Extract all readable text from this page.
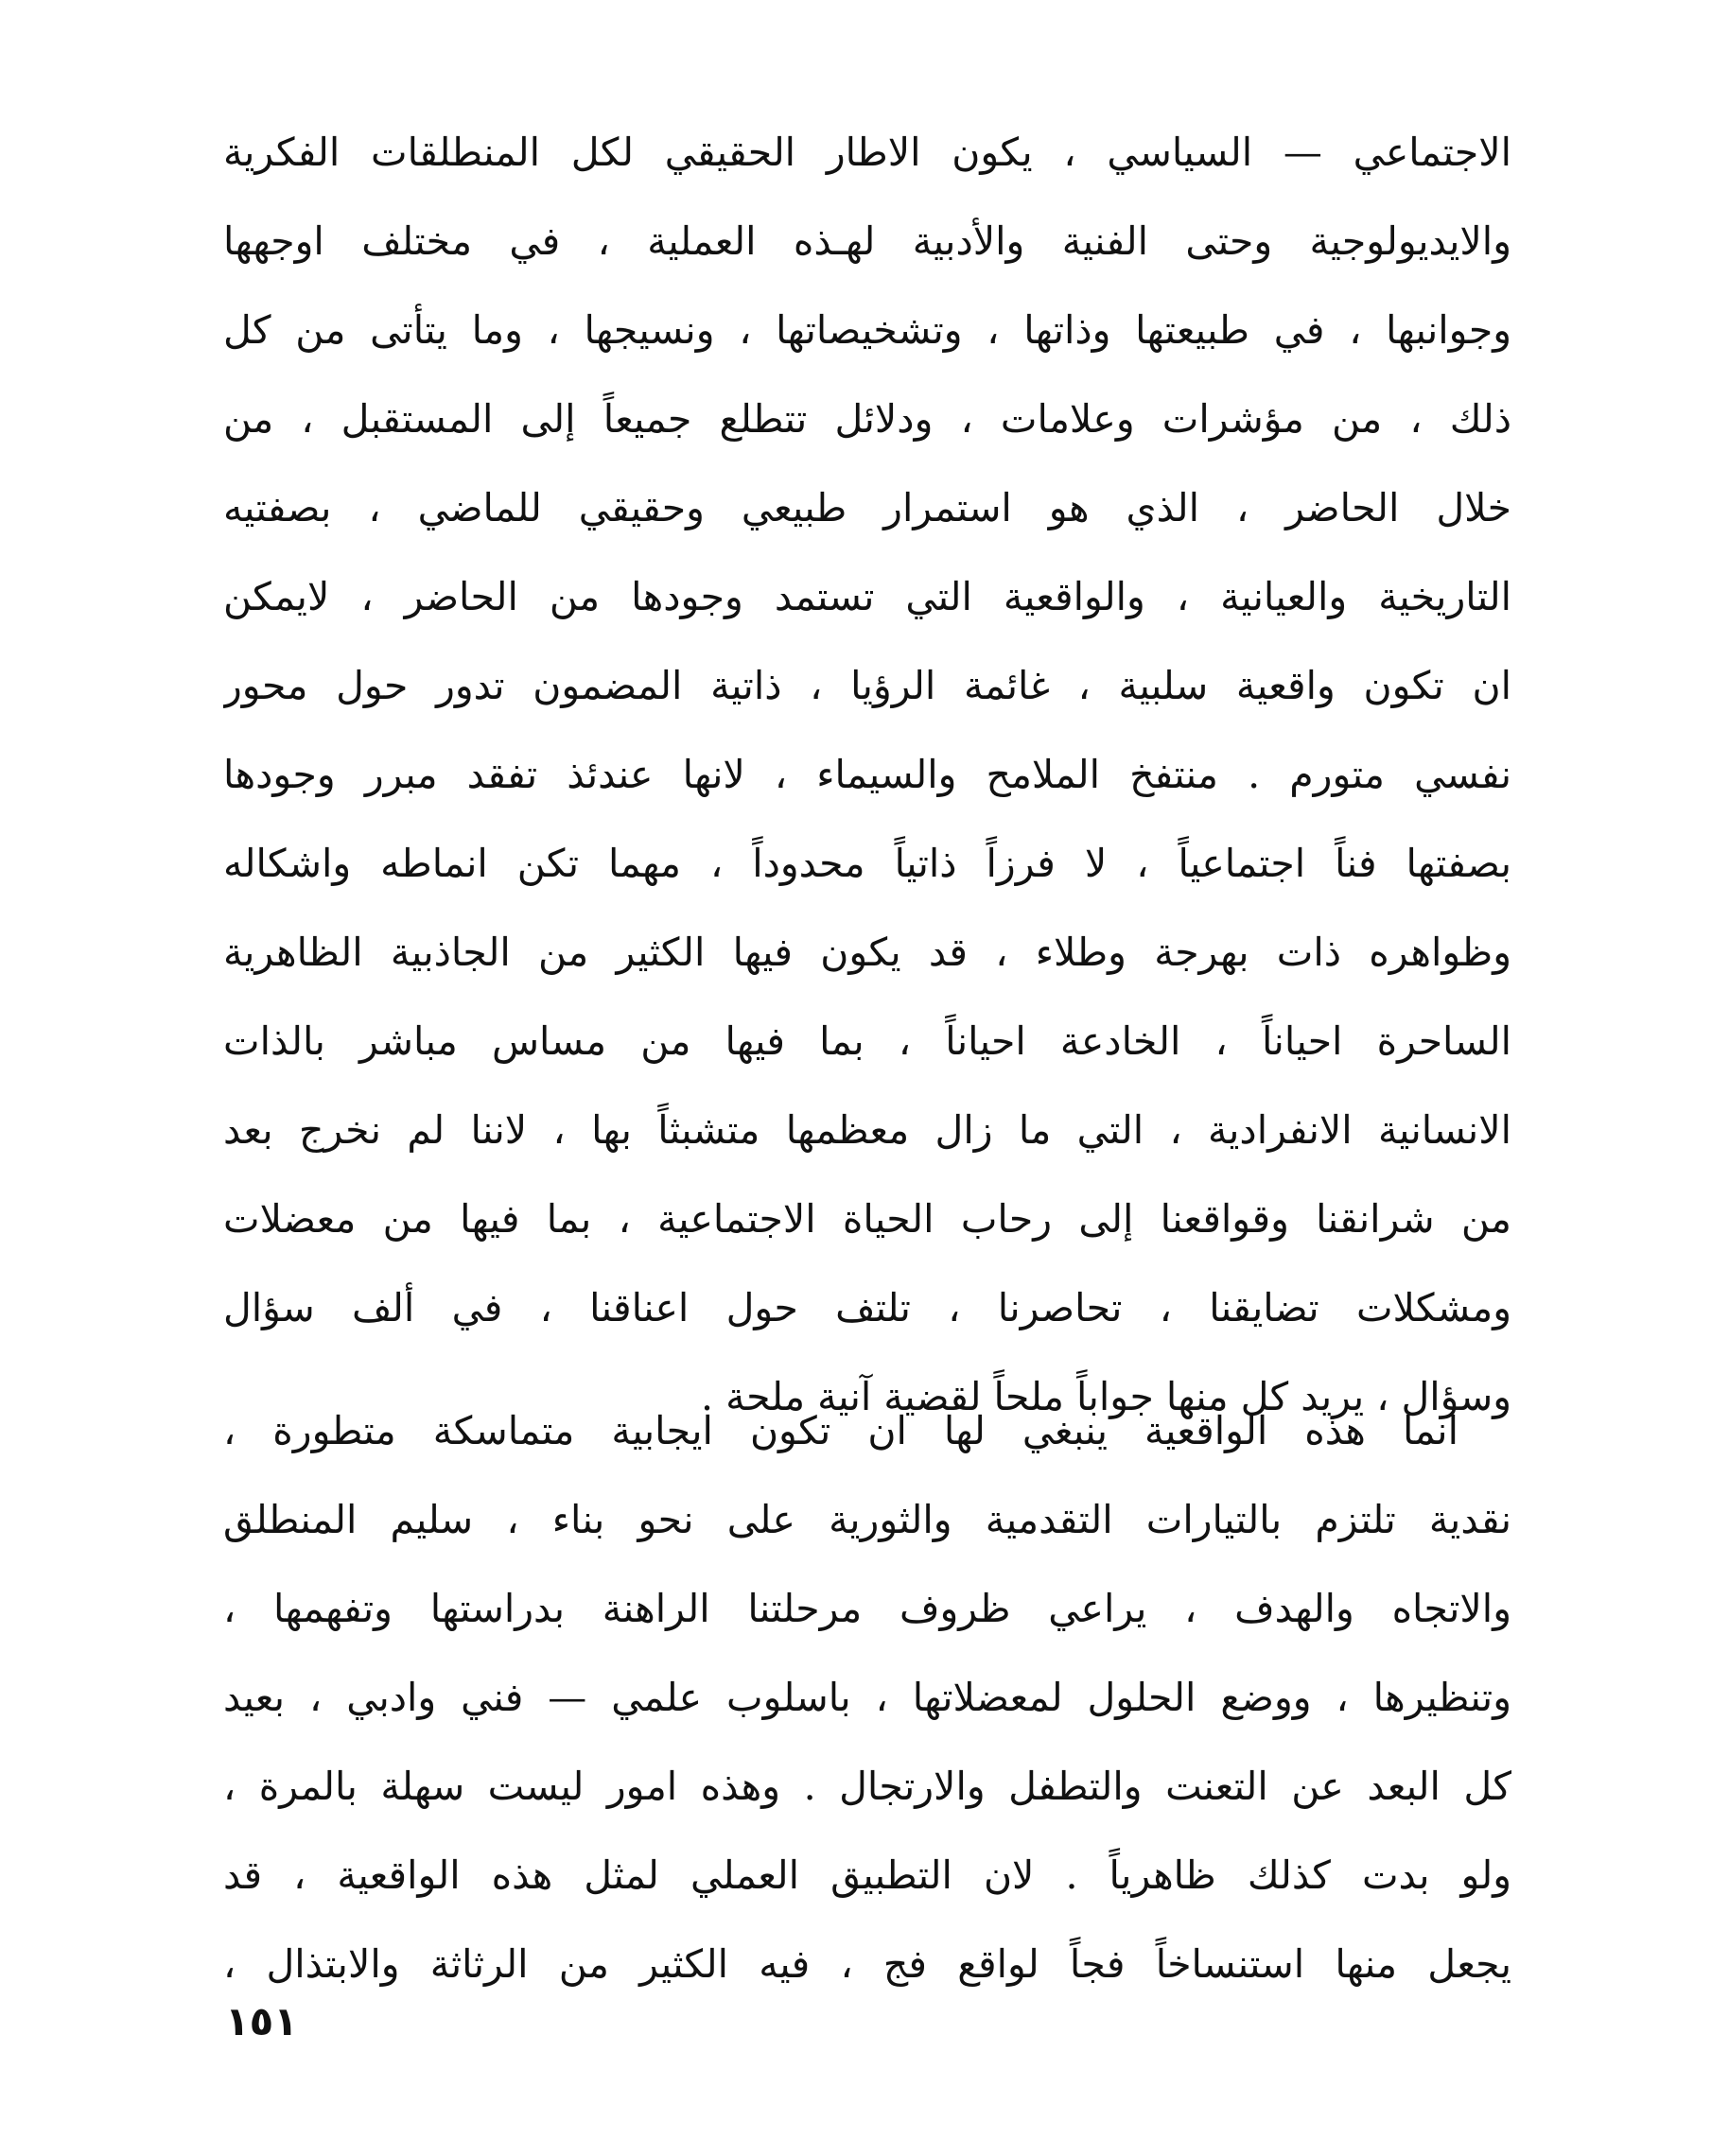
الاجتماعي — السياسي ، يكون الاطار الحقيقي لكل المنطلقات الفكرية
والايديولوجية وحتى الفنية والأدبية لهـذه العملية ، في مختلف اوجهها
وجوانبها ، في طبيعتها وذاتها ، وتشخيصاتها ، ونسيجها ، وما يتأتى من كل
ذلك ، من مؤشرات وعلامات ، ودلائل تتطلع جميعاً إلى المستقبل ، من
خلال الحاضر ، الذي هو استمرار طبيعي وحقيقي للماضي ، بصفتيه
التاريخية والعيانية ، والواقعية التي تستمد وجودها من الحاضر ، لايمكن
ان تكون واقعية سلبية ، غائمة الرؤيا ، ذاتية المضمون تدور حول محور
نفسي متورم . منتفخ الملامح والسيماء ، لانها عندئذ تفقد مبرر وجودها
بصفتها فناً اجتماعياً ، لا فرزاً ذاتياً محدوداً ، مهما تكن انماطه واشكاله
وظواهره ذات بهرجة وطلاء ، قد يكون فيها الكثير من الجاذبية الظاهرية
الساحرة احياناً ، الخادعة احياناً ، بما فيها من مساس مباشر بالذات
الانسانية الانفرادية ، التي ما زال معظمها متشبثاً بها ، لاننا لم نخرج بعد
من شرانقنا وقواقعنا إلى رحاب الحياة الاجتماعية ، بما فيها من معضلات
ومشكلات تضايقنا ، تحاصرنا ، تلتف حول اعناقنا ، في ألف سؤال
وسؤال ، يريد كل منها جواباً ملحاً لقضية آنية ملحة .
انما هذه الواقعية ينبغي لها ان تكون ايجابية متماسكة متطورة ،
نقدية تلتزم بالتيارات التقدمية والثورية على نحو بناء ، سليم المنطلق
والاتجاه والهدف ، يراعي ظروف مرحلتنا الراهنة بدراستها وتفهمها ،
وتنظيرها ، ووضع الحلول لمعضلاتها ، باسلوب علمي — فني وادبي ، بعيد
كل البعد عن التعنت والتطفل والارتجال . وهذه امور ليست سهلة بالمرة ،
ولو بدت كذلك ظاهرياً . لان التطبيق العملي لمثل هذه الواقعية ، قد
يجعل منها استنساخاً فجاً لواقع فج ، فيه الكثير من الرثاثة والابتذال ،
١٥١
